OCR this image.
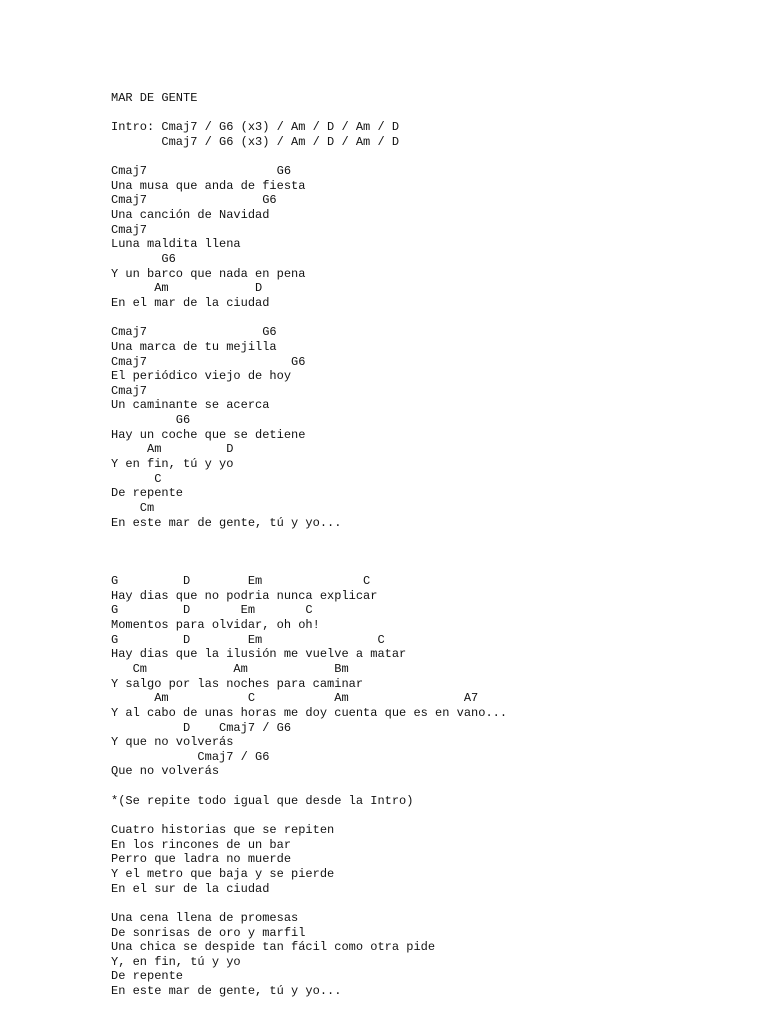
MAR DE GENTE
Intro: Cmaj7 / G6 (x3) / Am / D / Am / D
Cmaj7 / G6 (x3) / Am / D / Am / D
Cmaj7                  G6
Una musa que anda de fiesta
Cmaj7                G6
Una canción de Navidad
Cmaj7
Luna maldita llena
G6
Y un barco que nada en pena
Am            D
En el mar de la ciudad
Cmaj7                G6
Una marca de tu mejilla
Cmaj7                    G6
El periódico viejo de hoy
Cmaj7
Un caminante se acerca
G6
Hay un coche que se detiene
Am         D
Y en fin, tú y yo
C
De repente
Cm
En este mar de gente, tú y yo...
G         D        Em              C
Hay dias que no podria nunca explicar
G         D       Em       C
Momentos para olvidar, oh oh!
G         D        Em                C
Hay dias que la ilusión me vuelve a matar
Cm            Am            Bm
Y salgo por las noches para caminar
Am           C           Am                A7
Y al cabo de unas horas me doy cuenta que es en vano...
D    Cmaj7 / G6
Y que no volverás
Cmaj7 / G6
Que no volverás
*(Se repite todo igual que desde la Intro)
Cuatro historias que se repiten
En los rincones de un bar
Perro que ladra no muerde
Y el metro que baja y se pierde
En el sur de la ciudad
Una cena llena de promesas
De sonrisas de oro y marfil
Una chica se despide tan fácil como otra pide
Y, en fin, tú y yo
De repente
En este mar de gente, tú y yo...
